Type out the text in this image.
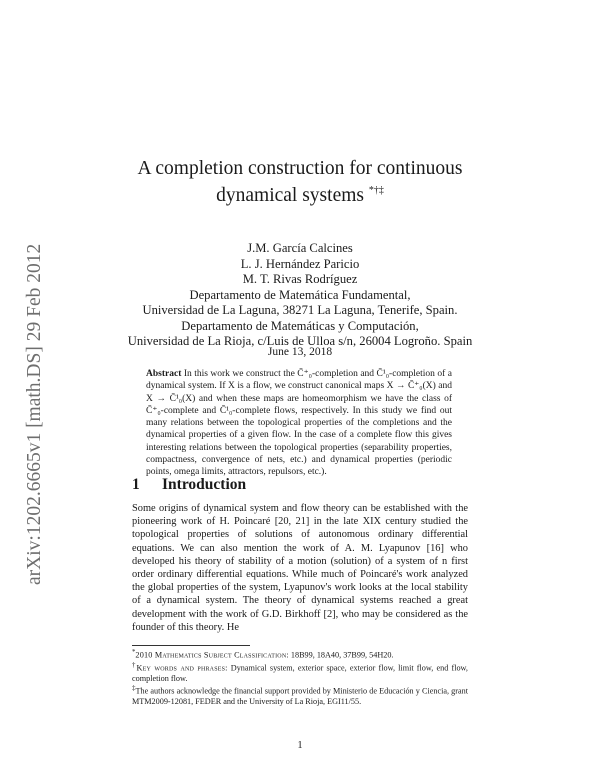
arXiv:1202.6665v1 [math.DS] 29 Feb 2012
A completion construction for continuous
dynamical systems *†‡
J.M. García Calcines
L. J. Hernández Paricio
M. T. Rivas Rodríguez
Departamento de Matemática Fundamental,
Universidad de La Laguna, 38271 La Laguna, Tenerife, Spain.
Departamento de Matemáticas y Computación,
Universidad de La Rioja, c/Luis de Ulloa s/n, 26004 Logroño. Spain
June 13, 2018
Abstract In this work we construct the C̄⁺₀-completion and C̄¹₀-completion of a dynamical system. If X is a flow, we construct canonical maps X → C̄⁺₀(X) and X → C̄¹₀(X) and when these maps are homeomorphism we have the class of C̄⁺₀-complete and C̄¹₀-complete flows, respectively. In this study we find out many relations between the topological properties of the completions and the dynamical properties of a given flow. In the case of a complete flow this gives interesting relations between the topological properties (separability properties, compactness, convergence of nets, etc.) and dynamical properties (periodic points, omega limits, attractors, repulsors, etc.).
1 Introduction
Some origins of dynamical system and flow theory can be established with the pioneering work of H. Poincaré [20, 21] in the late XIX century studied the topological properties of solutions of autonomous ordinary differential equations. We can also mention the work of A. M. Lyapunov [16] who developed his theory of stability of a motion (solution) of a system of n first order ordinary differential equations. While much of Poincaré's work analyzed the global properties of the system, Lyapunov's work looks at the local stability of a dynamical system. The theory of dynamical systems reached a great development with the work of G.D. Birkhoff [2], who may be considered as the founder of this theory. He

*2010 Mathematics Subject Classification: 18B99, 18A40, 37B99, 54H20.

†Key words and phrases: Dynamical system, exterior space, exterior flow, limit flow, end flow, completion flow.

‡The authors acknowledge the financial support provided by Ministerio de Educación y Ciencia, grant MTM2009-12081, FEDER and the University of La Rioja, EGI11/55.

1
